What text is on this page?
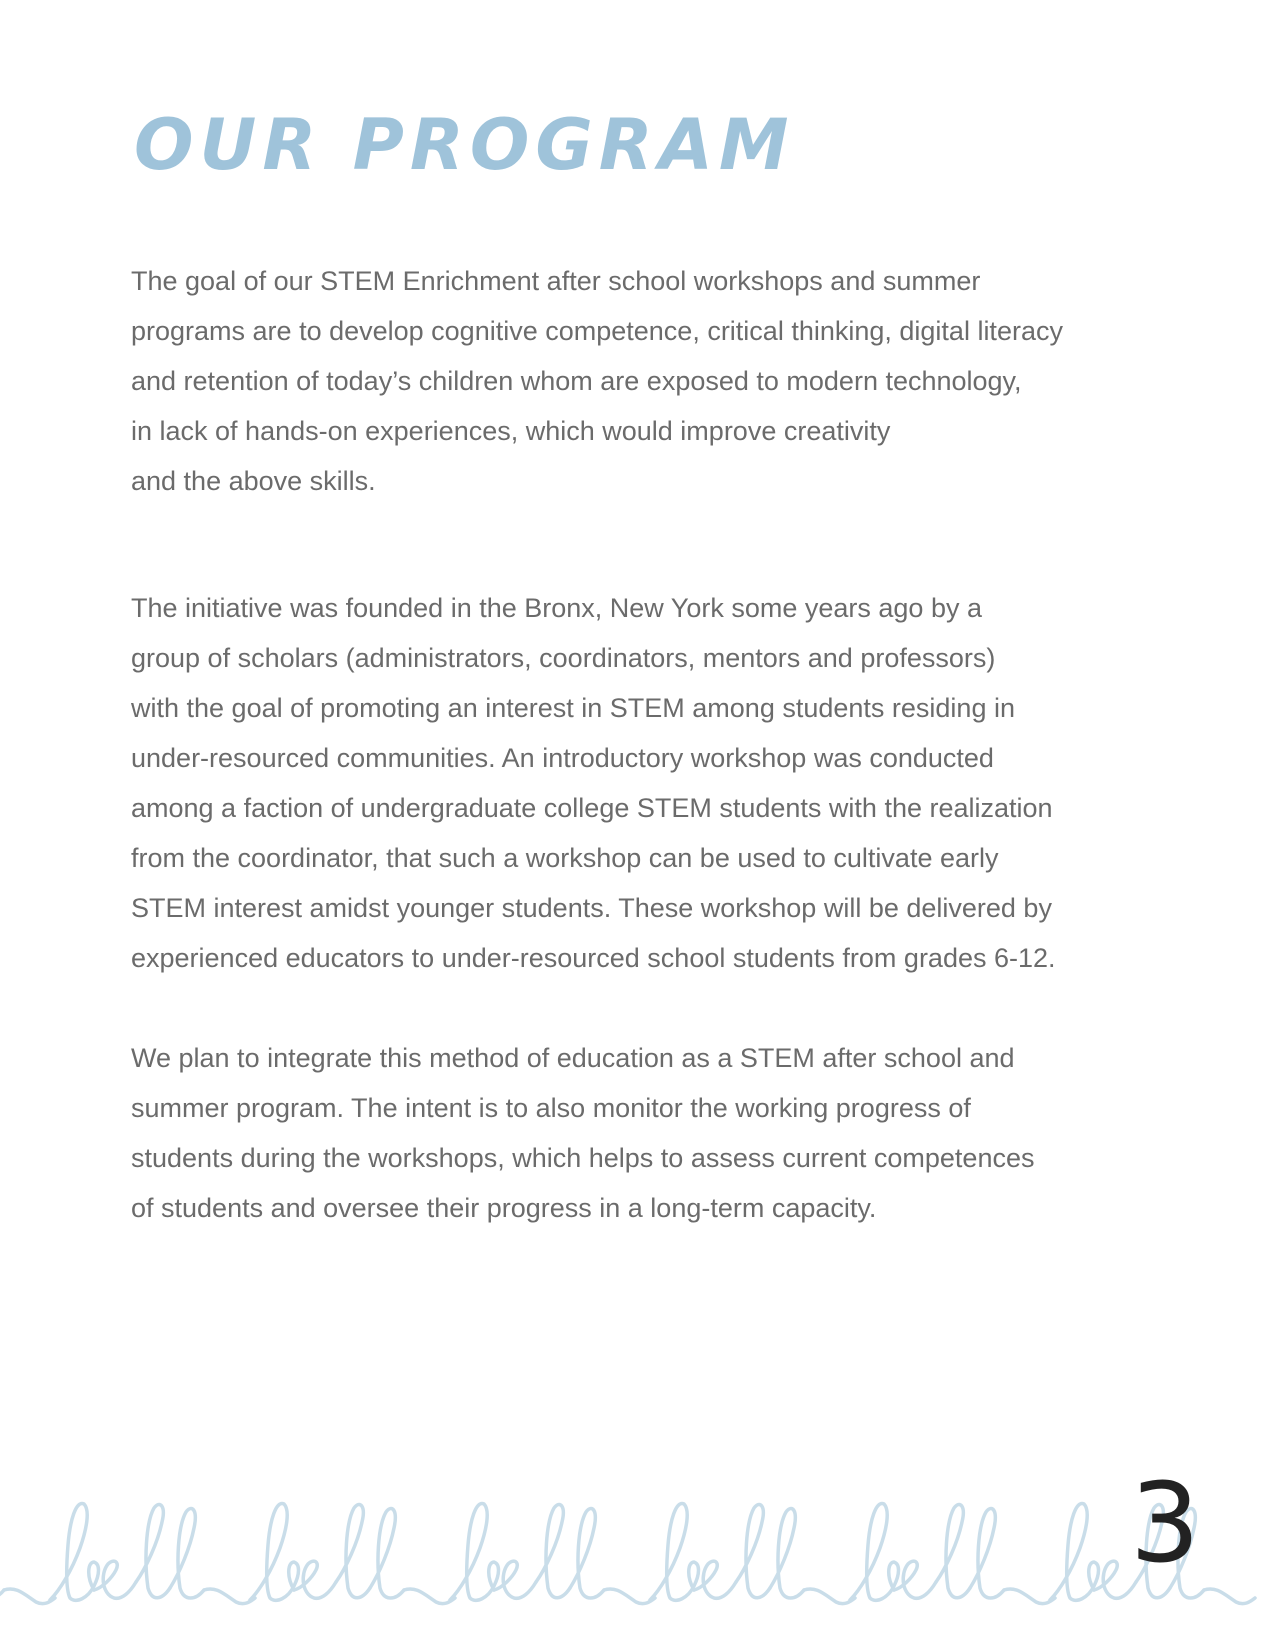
OUR PROGRAM
The goal of our STEM Enrichment after school workshops and summer
programs are to develop cognitive competence, critical thinking, digital literacy
and retention of today’s children whom are exposed to modern technology,
in lack of hands-on experiences, which would improve creativity
and the above skills.
The initiative was founded in the Bronx, New York some years ago by a
group of scholars (administrators, coordinators, mentors and professors)
with the goal of promoting an interest in STEM among students residing in
under-resourced communities. An introductory workshop was conducted
among a faction of undergraduate college STEM students with the realization
from the coordinator, that such a workshop can be used to cultivate early
STEM interest amidst younger students. These workshop will be delivered by
experienced educators to under-resourced school students from grades 6-12.
We plan to integrate this method of education as a STEM after school and
summer program. The intent is to also monitor the working progress of
students during the workshops, which helps to assess current competences
of students and oversee their progress in a long-term capacity.
3
